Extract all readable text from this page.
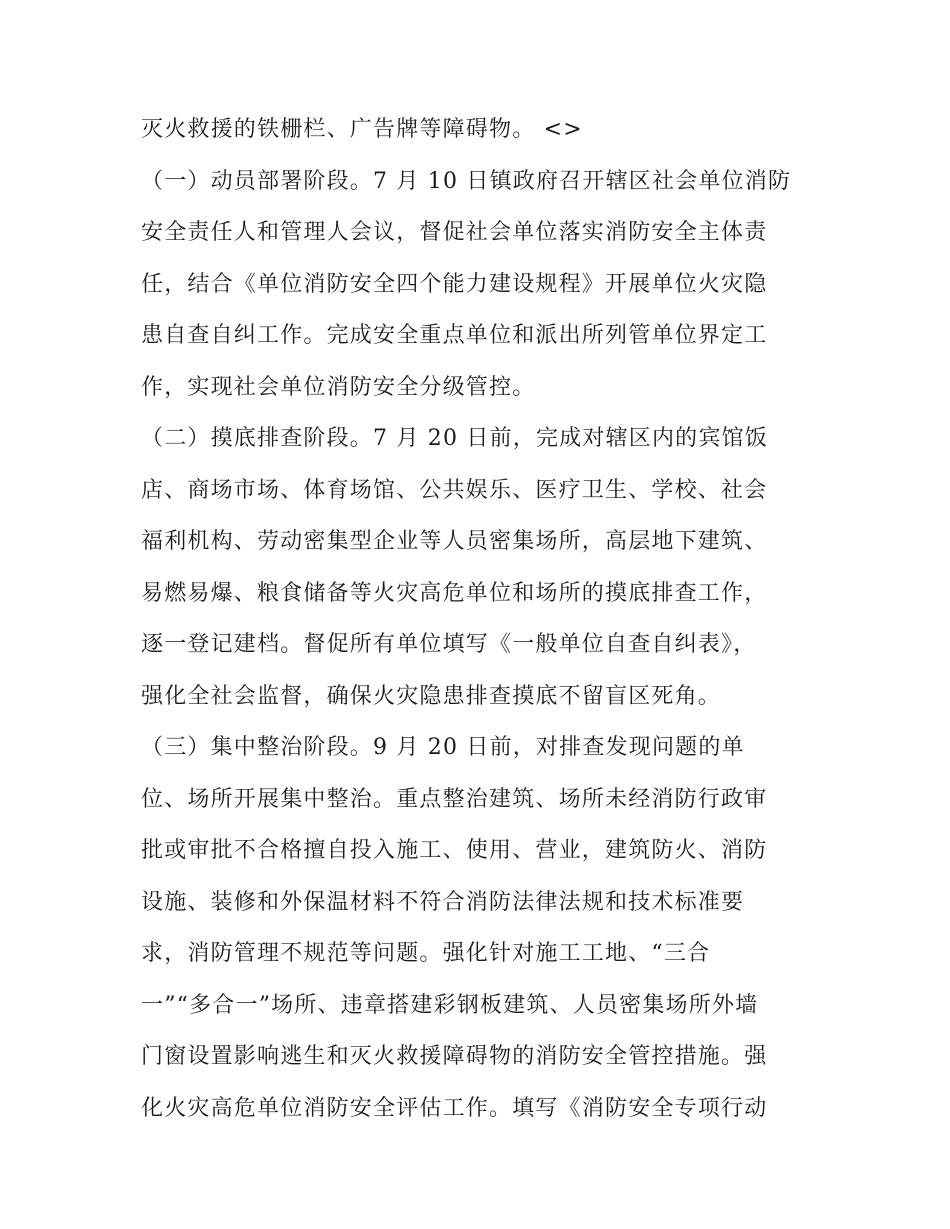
灭火救援的铁栅栏、广告牌等障碍物。 <>
（一）动员部署阶段。7 月 10 日镇政府召开辖区社会单位消防
安全责任人和管理人会议，督促社会单位落实消防安全主体责
任，结合《单位消防安全四个能力建设规程》开展单位火灾隐
患自查自纠工作。完成安全重点单位和派出所列管单位界定工
作，实现社会单位消防安全分级管控。
（二）摸底排查阶段。7 月 20 日前，完成对辖区内的宾馆饭
店、商场市场、体育场馆、公共娱乐、医疗卫生、学校、社会
福利机构、劳动密集型企业等人员密集场所，高层地下建筑、
易燃易爆、粮食储备等火灾高危单位和场所的摸底排查工作，
逐一登记建档。督促所有单位填写《一般单位自查自纠表》，
强化全社会监督，确保火灾隐患排查摸底不留盲区死角。
（三）集中整治阶段。9 月 20 日前，对排查发现问题的单
位、场所开展集中整治。重点整治建筑、场所未经消防行政审
批或审批不合格擅自投入施工、使用、营业，建筑防火、消防
设施、装修和外保温材料不符合消防法律法规和技术标准要
求，消防管理不规范等问题。强化针对施工工地、“三合
一”“多合一”场所、违章搭建彩钢板建筑、人员密集场所外墙
门窗设置影响逃生和灭火救援障碍物的消防安全管控措施。强
化火灾高危单位消防安全评估工作。填写《消防安全专项行动
